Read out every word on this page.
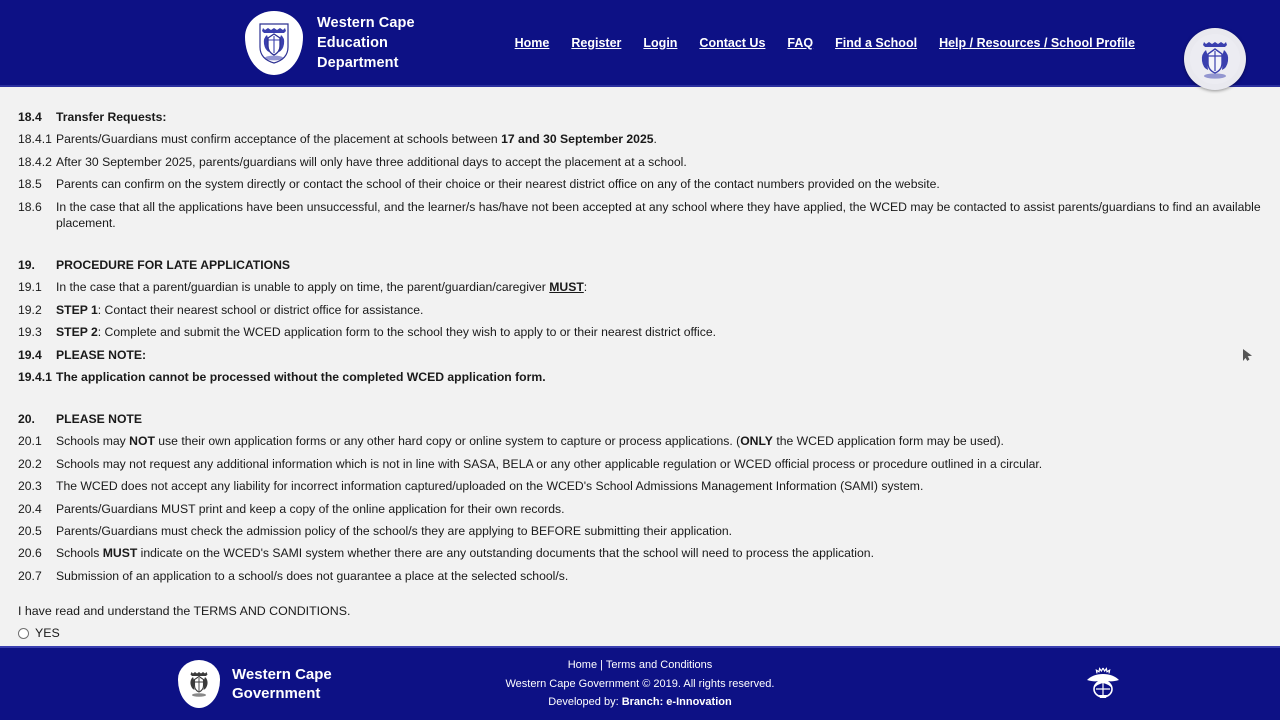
Western Cape
Education
Department
Home Register Login Contact Us FAQ Find a School Help / Resources / School Profile
18.4	Transfer Requests:
18.4.1 Parents/Guardians must confirm acceptance of the placement at schools between 17 and 30 September 2025.
18.4.2 After 30 September 2025, parents/guardians will only have three additional days to accept the placement at a school.
18.5	Parents can confirm on the system directly or contact the school of their choice or their nearest district office on any of the contact numbers provided on the website.
18.6	In the case that all the applications have been unsuccessful, and the learner/s has/have not been accepted at any school where they have applied, the WCED may be contacted to assist parents/guardians to find an available placement.
19.	PROCEDURE FOR LATE APPLICATIONS
19.1	In the case that a parent/guardian is unable to apply on time, the parent/guardian/caregiver MUST:
19.2	STEP 1: Contact their nearest school or district office for assistance.
19.3	STEP 2: Complete and submit the WCED application form to the school they wish to apply to or their nearest district office.
19.4	PLEASE NOTE:
19.4.1 The application cannot be processed without the completed WCED application form.
20.	PLEASE NOTE
20.1	Schools may NOT use their own application forms or any other hard copy or online system to capture or process applications. (ONLY the WCED application form may be used).
20.2	Schools may not request any additional information which is not in line with SASA, BELA or any other applicable regulation or WCED official process or procedure outlined in a circular.
20.3	The WCED does not accept any liability for incorrect information captured/uploaded on the WCED's School Admissions Management Information (SAMI) system.
20.4	Parents/Guardians MUST print and keep a copy of the online application for their own records.
20.5	Parents/Guardians must check the admission policy of the school/s they are applying to BEFORE submitting their application.
20.6	Schools MUST indicate on the WCED's SAMI system whether there are any outstanding documents that the school will need to process the application.
20.7	Submission of an application to a school/s does not guarantee a place at the selected school/s.
I have read and understand the TERMS AND CONDITIONS.
YES
Western Cape
Government
Home | Terms and Conditions
Western Cape Government © 2019. All rights reserved.
Developed by: Branch: e-Innovation
